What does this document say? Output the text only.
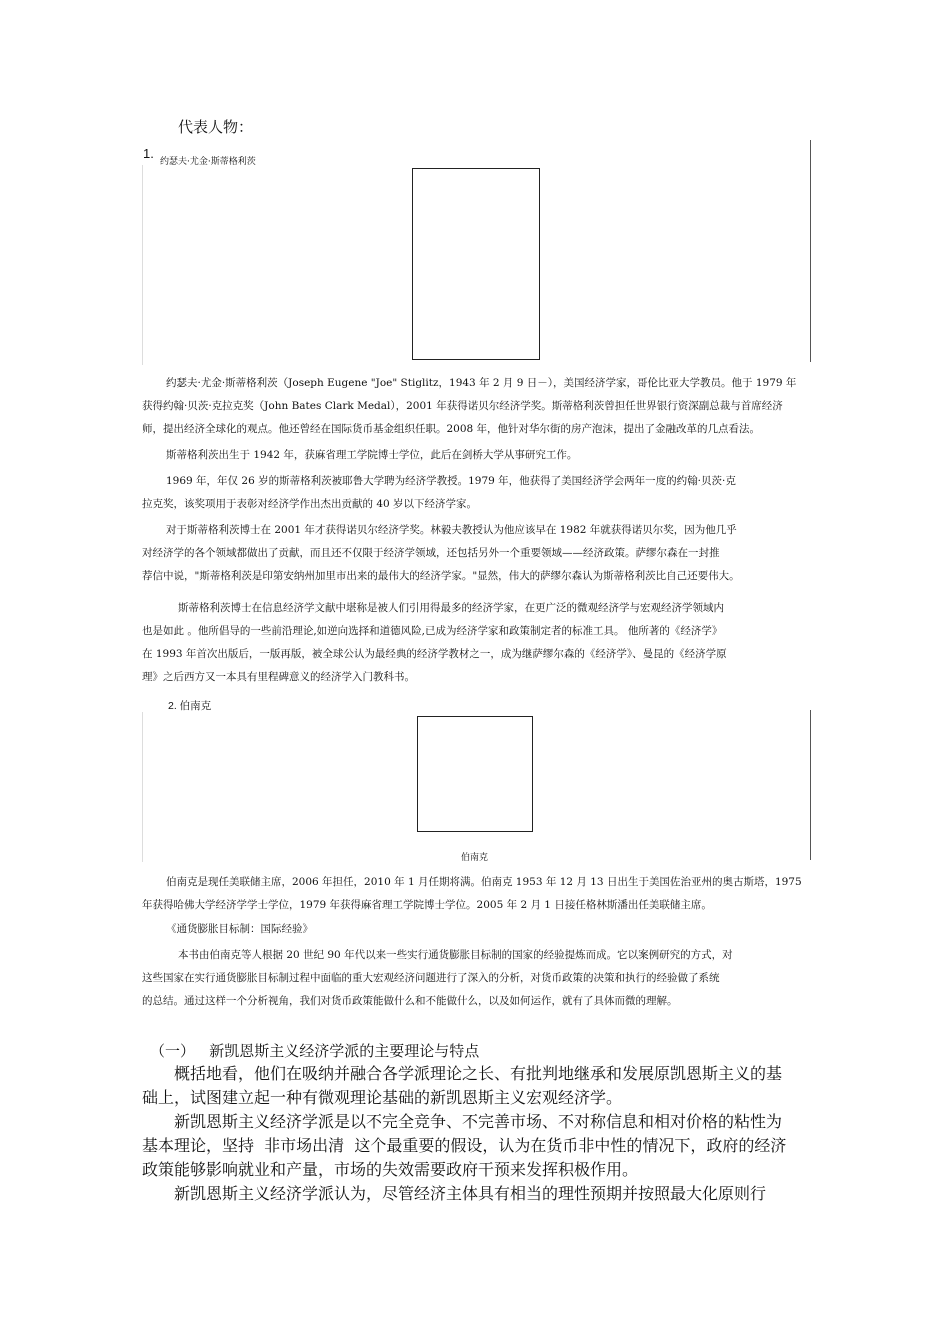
代表人物：
1.
约瑟夫·尤金·斯蒂格利茨
约瑟夫·尤金·斯蒂格利茨（Joseph Eugene "Joe" Stiglitz，1943 年 2 月 9 日－），美国经济学家，哥伦比亚大学教员。他于 1979 年
获得约翰·贝茨·克拉克奖（John Bates Clark Medal），2001 年获得诺贝尔经济学奖。斯蒂格利茨曾担任世界银行资深副总裁与首席经济
师，提出经济全球化的观点。他还曾经在国际货币基金组织任职。2008 年，他针对华尔街的房产泡沫，提出了金融改革的几点看法。
斯蒂格利茨出生于 1942 年，获麻省理工学院博士学位，此后在剑桥大学从事研究工作。
1969 年，年仅 26 岁的斯蒂格利茨被耶鲁大学聘为经济学教授。1979 年，他获得了美国经济学会两年一度的约翰·贝茨·克
拉克奖，该奖项用于表彰对经济学作出杰出贡献的 40 岁以下经济学家。
对于斯蒂格利茨博士在 2001 年才获得诺贝尔经济学奖。林毅夫教授认为他应该早在 1982 年就获得诺贝尔奖，因为他几乎
对经济学的各个领域都做出了贡献，而且还不仅限于经济学领域，还包括另外一个重要领域——经济政策。萨缪尔森在一封推
荐信中说，"斯蒂格利茨是印第安纳州加里市出来的最伟大的经济学家。"显然，伟大的萨缪尔森认为斯蒂格利茨比自己还要伟大。
斯蒂格利茨博士在信息经济学文献中堪称是被人们引用得最多的经济学家，在更广泛的微观经济学与宏观经济学领域内
也是如此 。他所倡导的一些前沿理论,如逆向选择和道德风险,已成为经济学家和政策制定者的标准工具。 他所著的《经济学》
在 1993 年首次出版后，一版再版，被全球公认为最经典的经济学教材之一，成为继萨缪尔森的《经济学》、曼昆的《经济学原
理》之后西方又一本具有里程碑意义的经济学入门教科书。
2. 伯南克
伯南克
伯南克是现任美联储主席，2006 年担任，2010 年 1 月任期将满。伯南克 1953 年 12 月 13 日出生于美国佐治亚州的奥古斯塔，1975
年获得哈佛大学经济学学士学位，1979 年获得麻省理工学院博士学位。2005 年 2 月 1 日接任格林斯潘出任美联储主席。
《通货膨胀目标制：国际经验》
本书由伯南克等人根据 20 世纪 90 年代以来一些实行通货膨胀目标制的国家的经验提炼而成。它以案例研究的方式，对
这些国家在实行通货膨胀目标制过程中面临的重大宏观经济问题进行了深入的分析，对货币政策的决策和执行的经验做了系统
的总结。通过这样一个分析视角，我们对货币政策能做什么和不能做什么，以及如何运作，就有了具体而微的理解。
（一）   新凯恩斯主义经济学派的主要理论与特点
概括地看，他们在吸纳并融合各学派理论之长、有批判地继承和发展原凯恩斯主义的基
础上，试图建立起一种有微观理论基础的新凯恩斯主义宏观经济学。
新凯恩斯主义经济学派是以不完全竞争、不完善市场、不对称信息和相对价格的粘性为
基本理论，坚持  非市场出清  这个最重要的假设，认为在货币非中性的情况下，政府的经济
政策能够影响就业和产量，市场的失效需要政府干预来发挥积极作用。
新凯恩斯主义经济学派认为，尽管经济主体具有相当的理性预期并按照最大化原则行
